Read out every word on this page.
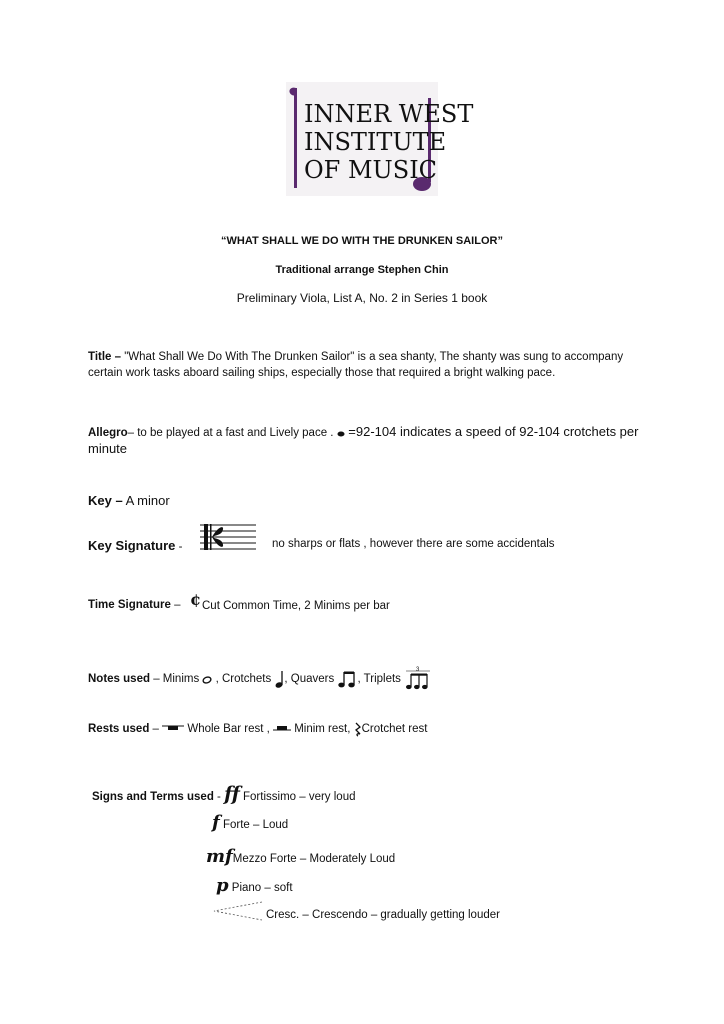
INNER WEST
INSTITUTE
OF MUSIC
“WHAT SHALL WE DO WITH THE DRUNKEN SAILOR”
Traditional arrange Stephen Chin
Preliminary Viola, List A, No. 2 in Series 1 book
Title – "What Shall We Do With The Drunken Sailor" is a sea shanty, The shanty was sung to accompany certain work tasks aboard sailing ships, especially those that required a bright walking pace.
Allegro– to be played at a fast and Lively pace .  =92-104 indicates a speed of 92-104 crotchets per minute
Key – A minor
Key Signature -	no sharps or flats , however there are some accidentals
Time Signature – ¢ Cut Common Time, 2 Minims per bar
Notes used – Minims  , Crotchets , Quavers , Triplets
3
Rests used –  Whole Bar rest ,  Minim rest, Crotchet rest
Signs and Terms used - ff Fortissimo – very loud
f Forte – Loud
mfMezzo Forte – Moderately Loud
p Piano – soft
Cresc. – Crescendo – gradually getting louder
